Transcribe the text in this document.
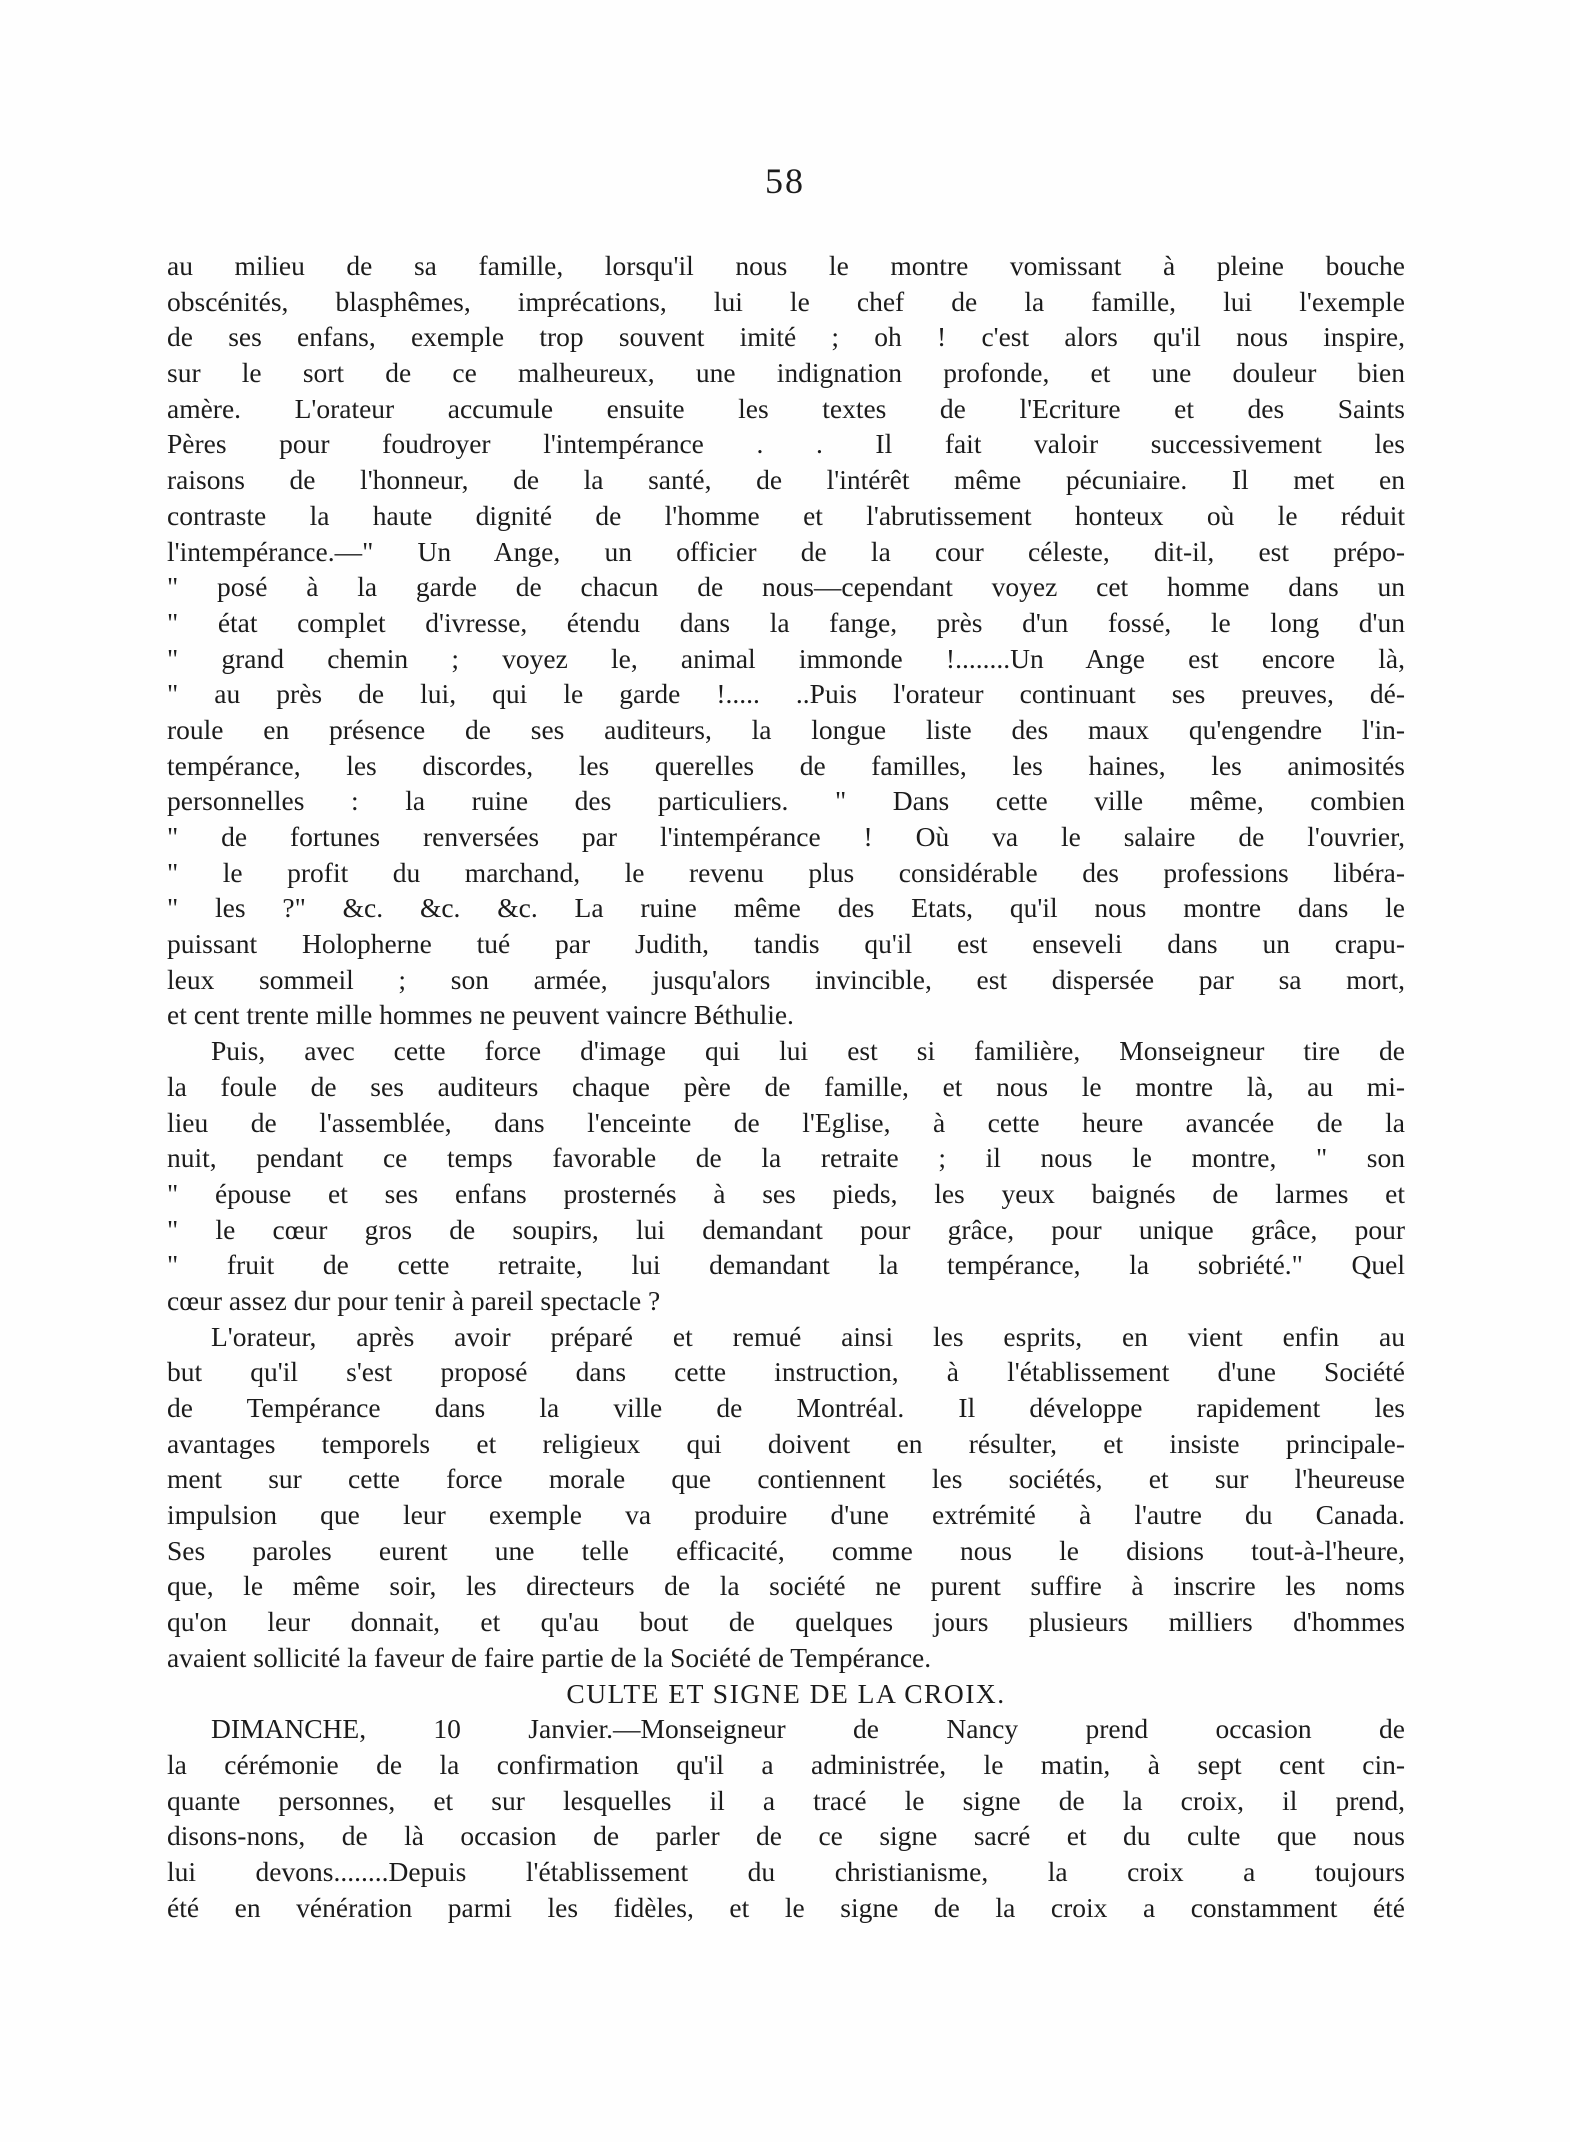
58
au milieu de sa famille, lorsqu'il nous le montre vomissant à pleine bouche
obscénités, blasphêmes, imprécations, lui le chef de la famille, lui l'exemple
de ses enfans, exemple trop souvent imité ; oh ! c'est alors qu'il nous inspire,
sur le sort de ce malheureux, une indignation profonde, et une douleur bien
amère. L'orateur accumule ensuite les textes de l'Ecriture et des Saints
Pères pour foudroyer l'intempérance . . Il fait valoir successivement les
raisons de l'honneur, de la santé, de l'intérêt même pécuniaire. Il met en
contraste la haute dignité de l'homme et l'abrutissement honteux où le réduit
l'intempérance.—" Un Ange, un officier de la cour céleste, dit-il, est prépo-
" posé à la garde de chacun de nous—cependant voyez cet homme dans un
" état complet d'ivresse, étendu dans la fange, près d'un fossé, le long d'un
" grand chemin ; voyez le, animal immonde !........Un Ange est encore là,
" au près de lui, qui le garde !..... ..Puis l'orateur continuant ses preuves, dé-
roule en présence de ses auditeurs, la longue liste des maux qu'engendre l'in-
tempérance, les discordes, les querelles de familles, les haines, les animosités
personnelles : la ruine des particuliers. " Dans cette ville même, combien
" de fortunes renversées par l'intempérance ! Où va le salaire de l'ouvrier,
" le profit du marchand, le revenu plus considérable des professions libéra-
" les ?" &c. &c. &c. La ruine même des Etats, qu'il nous montre dans le
puissant Holopherne tué par Judith, tandis qu'il est enseveli dans un crapu-
leux sommeil ; son armée, jusqu'alors invincible, est dispersée par sa mort,
et cent trente mille hommes ne peuvent vaincre Béthulie.
Puis, avec cette force d'image qui lui est si familière, Monseigneur tire de
la foule de ses auditeurs chaque père de famille, et nous le montre là, au mi-
lieu de l'assemblée, dans l'enceinte de l'Eglise, à cette heure avancée de la
nuit, pendant ce temps favorable de la retraite ; il nous le montre, " son
" épouse et ses enfans prosternés à ses pieds, les yeux baignés de larmes et
" le cœur gros de soupirs, lui demandant pour grâce, pour unique grâce, pour
" fruit de cette retraite, lui demandant la tempérance, la sobriété." Quel
cœur assez dur pour tenir à pareil spectacle ?
L'orateur, après avoir préparé et remué ainsi les esprits, en vient enfin au
but qu'il s'est proposé dans cette instruction, à l'établissement d'une Société
de Tempérance dans la ville de Montréal. Il développe rapidement les
avantages temporels et religieux qui doivent en résulter, et insiste principale-
ment sur cette force morale que contiennent les sociétés, et sur l'heureuse
impulsion que leur exemple va produire d'une extrémité à l'autre du Canada.
Ses paroles eurent une telle efficacité, comme nous le disions tout-à-l'heure,
que, le même soir, les directeurs de la société ne purent suffire à inscrire les noms
qu'on leur donnait, et qu'au bout de quelques jours plusieurs milliers d'hommes
avaient sollicité la faveur de faire partie de la Société de Tempérance.
CULTE ET SIGNE DE LA CROIX.
DIMANCHE, 10 Janvier.—Monseigneur de Nancy prend occasion de
la cérémonie de la confirmation qu'il a administrée, le matin, à sept cent cin-
quante personnes, et sur lesquelles il a tracé le signe de la croix, il prend,
disons-nons, de là occasion de parler de ce signe sacré et du culte que nous
lui devons........Depuis l'établissement du christianisme, la croix a toujours
été en vénération parmi les fidèles, et le signe de la croix a constamment été
